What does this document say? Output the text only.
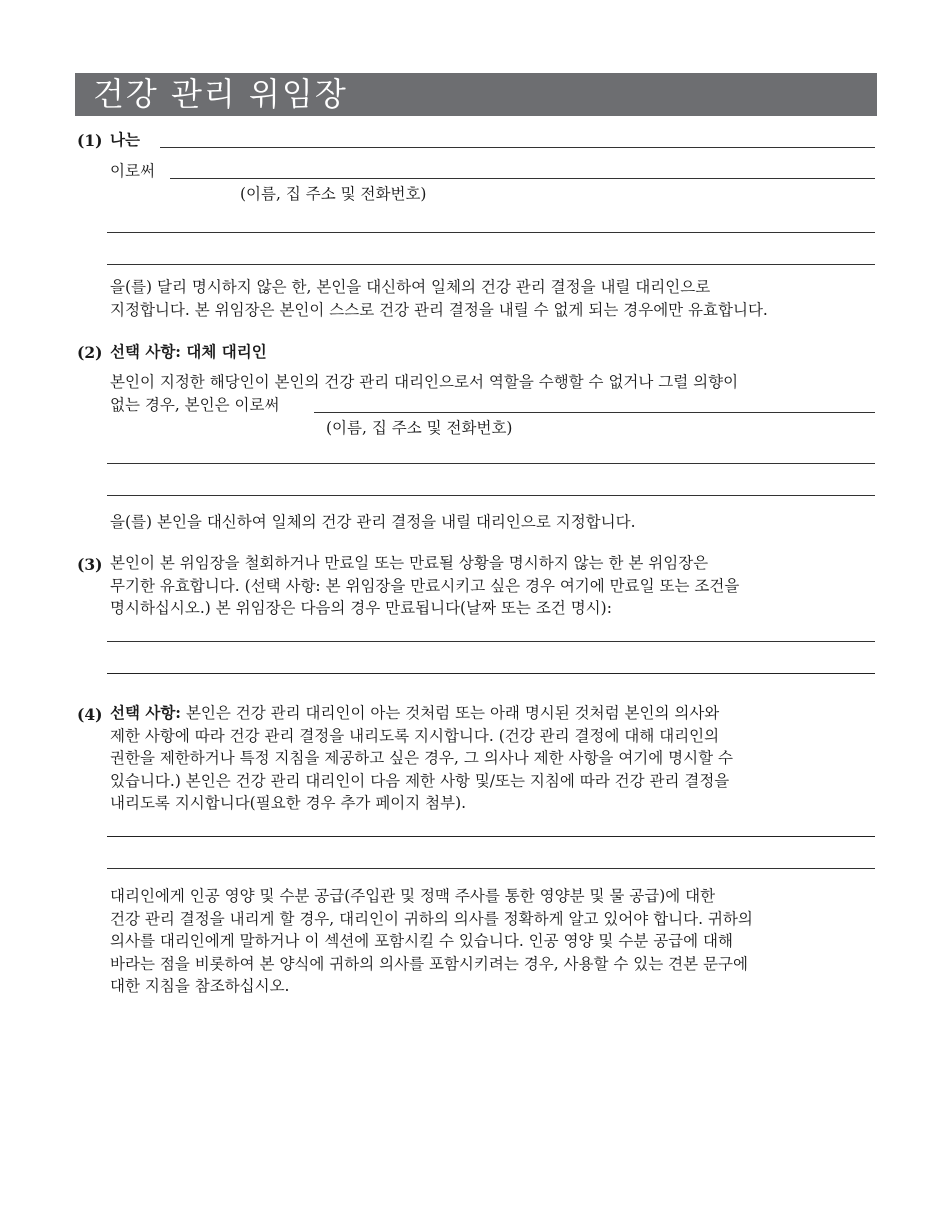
건강 관리 위임장
(1) 나는
이로써
(이름, 집 주소 및 전화번호)
을(를) 달리 명시하지 않은 한, 본인을 대신하여 일체의 건강 관리 결정을 내릴 대리인으로
지정합니다. 본 위임장은 본인이 스스로 건강 관리 결정을 내릴 수 없게 되는 경우에만 유효합니다.
(2) 선택 사항: 대체 대리인
본인이 지정한 해당인이 본인의 건강 관리 대리인으로서 역할을 수행할 수 없거나 그럴 의향이
없는 경우, 본인은 이로써
(이름, 집 주소 및 전화번호)
을(를) 본인을 대신하여 일체의 건강 관리 결정을 내릴 대리인으로 지정합니다.
(3) 본인이 본 위임장을 철회하거나 만료일 또는 만료될 상황을 명시하지 않는 한 본 위임장은
무기한 유효합니다. (선택 사항: 본 위임장을 만료시키고 싶은 경우 여기에 만료일 또는 조건을
명시하십시오.) 본 위임장은 다음의 경우 만료됩니다(날짜 또는 조건 명시):
(4) 선택 사항: 본인은 건강 관리 대리인이 아는 것처럼 또는 아래 명시된 것처럼 본인의 의사와
제한 사항에 따라 건강 관리 결정을 내리도록 지시합니다. (건강 관리 결정에 대해 대리인의
권한을 제한하거나 특정 지침을 제공하고 싶은 경우, 그 의사나 제한 사항을 여기에 명시할 수
있습니다.) 본인은 건강 관리 대리인이 다음 제한 사항 및/또는 지침에 따라 건강 관리 결정을
내리도록 지시합니다(필요한 경우 추가 페이지 첨부).
대리인에게 인공 영양 및 수분 공급(주입관 및 정맥 주사를 통한 영양분 및 물 공급)에 대한
건강 관리 결정을 내리게 할 경우, 대리인이 귀하의 의사를 정확하게 알고 있어야 합니다. 귀하의
의사를 대리인에게 말하거나 이 섹션에 포함시킬 수 있습니다. 인공 영양 및 수분 공급에 대해
바라는 점을 비롯하여 본 양식에 귀하의 의사를 포함시키려는 경우, 사용할 수 있는 견본 문구에
대한 지침을 참조하십시오.
